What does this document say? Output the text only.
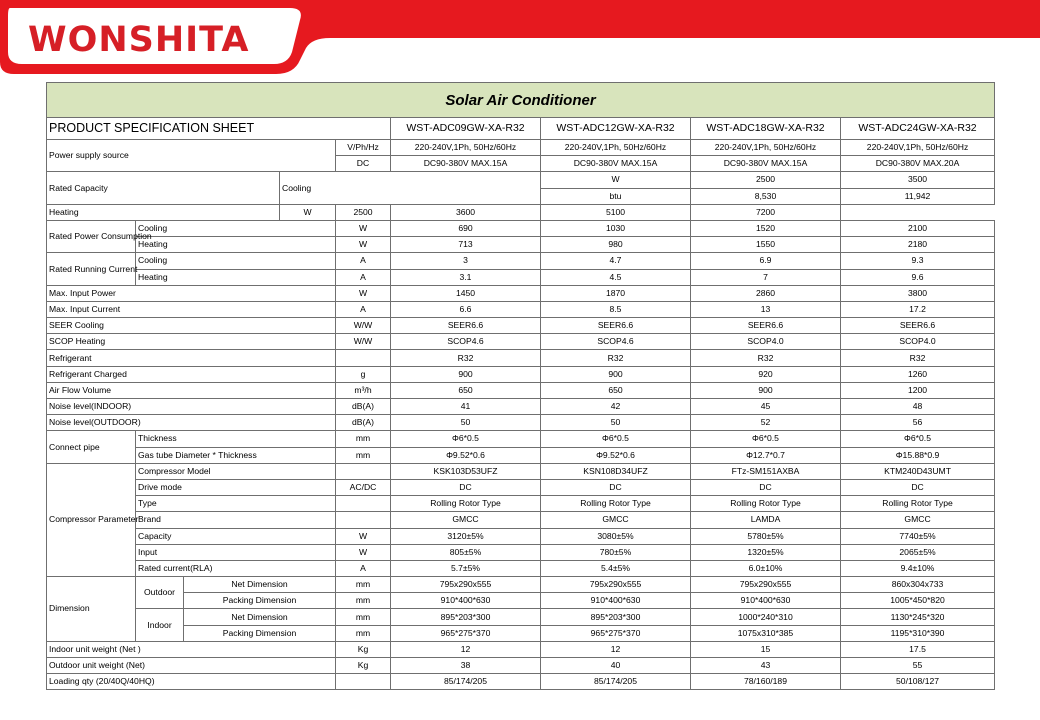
WONSHITA
Solar Air Conditioner									
PRODUCT SPECIFICATION SHEET					WST-ADC09GW-XA-R32	WST-ADC12GW-XA-R32	WST-ADC18GW-XA-R32	WST-ADC24GW-XA-R32	
Power supply source				V/Ph/Hz	220-240V,1Ph, 50Hz/60Hz	220-240V,1Ph, 50Hz/60Hz	220-240V,1Ph, 50Hz/60Hz	220-240V,1Ph, 50Hz/60Hz	
				DC	DC90-380V MAX.15A	DC90-380V MAX.15A	DC90-380V MAX.15A	DC90-380V MAX.20A	
Rated Capacity			Cooling			W	2500	3500		
						btu	8,530	11,942		
Heating			W	2500	3600	5100	7200		
Rated Power Consumption	Cooling			W	690	1030	1520	2100	
	Heating			W	713	980	1550	2180	
Rated Running Current	Cooling			A	3	4.7	6.9	9.3	
	Heating			A	3.1	4.5	7	9.6	
Max. Input Power				W	1450	1870	2860	3800	
Max. Input Current				A	6.6	8.5	13	17.2	
SEER Cooling				W/W	SEER6.6	SEER6.6	SEER6.6	SEER6.6	
SCOP Heating				W/W	SCOP4.6	SCOP4.6	SCOP4.0	SCOP4.0	
Refrigerant					R32	R32	R32	R32	
Refrigerant Charged				g	900	900	920	1260	
Air Flow Volume				m³/h	650	650	900	1200	
Noise level(INDOOR)				dB(A)	41	42	45	48	
Noise level(OUTDOOR)				dB(A)	50	50	52	56	
Connect pipe	Thickness			mm	Φ6*0.5	Φ6*0.5	Φ6*0.5	Φ6*0.5	
	Gas tube Diameter * Thickness			mm	Φ9.52*0.6	Φ9.52*0.6	Φ12.7*0.7	Φ15.88*0.9	
Compressor Parameter	Compressor Model				KSK103D53UFZ	KSN108D34UFZ	FTz-SM151AXBA	KTM240D43UMT	
	Drive mode			AC/DC	DC	DC	DC	DC	
	Type				Rolling Rotor Type	Rolling Rotor Type	Rolling Rotor Type	Rolling Rotor Type	
	Brand				GMCC	GMCC	LAMDA	GMCC	
	Capacity			W	3120±5%	3080±5%	5780±5%	7740±5%	
	Input			W	805±5%	780±5%	1320±5%	2065±5%	
	Rated current(RLA)			A	5.7±5%	5.4±5%	6.0±10%	9.4±10%	
Dimension	Outdoor	Net Dimension		mm	795x290x555	795x290x555	795x290x555	860x304x733	
		Packing Dimension		mm	910*400*630	910*400*630	910*400*630	1005*450*820	
	Indoor	Net Dimension		mm	895*203*300	895*203*300	1000*240*310	1130*245*320	
		Packing Dimension		mm	965*275*370	965*275*370	1075x310*385	1195*310*390	
Indoor unit weight (Net )				Kg	12	12	15	17.5	
Outdoor unit weight (Net)				Kg	38	40	43	55	
Loading qty (20/40Q/40HQ)					85/174/205	85/174/205	78/160/189	50/108/127	
